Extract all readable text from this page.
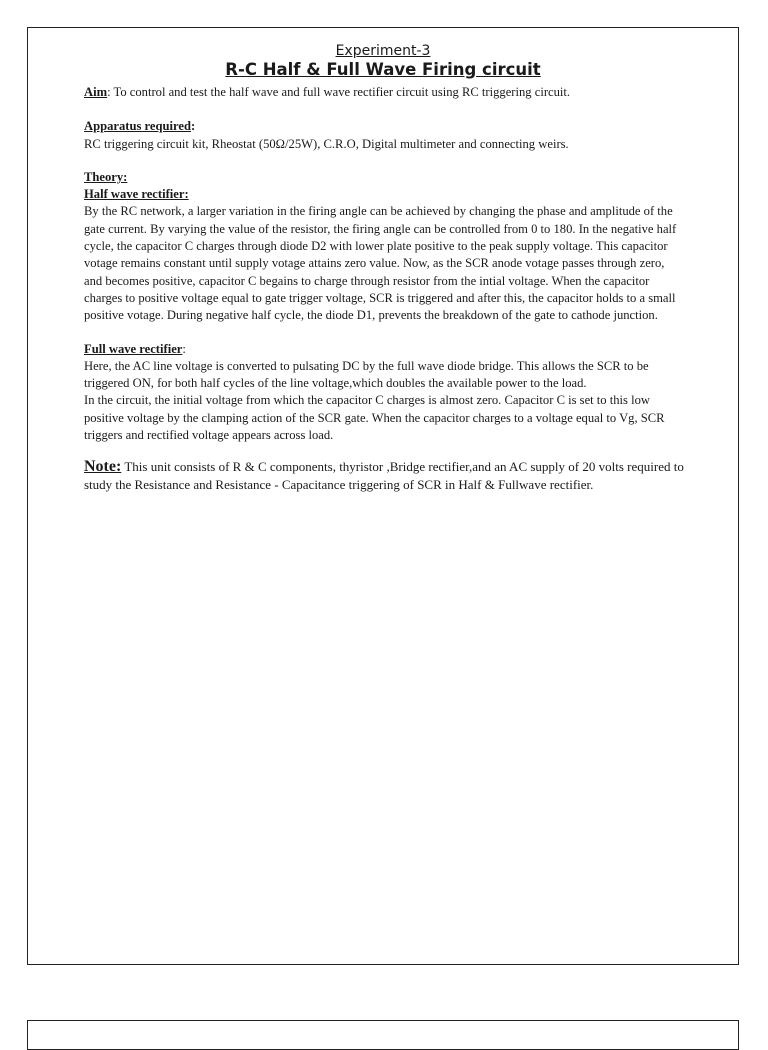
Experiment-3
R-C Half & Full Wave Firing circuit

Aim: To control and test the half wave and full wave rectifier circuit using RC triggering circuit.

Apparatus required:

RC triggering circuit kit, Rheostat (50Ω/25W), C.R.O, Digital multimeter and connecting weirs.

Theory:

Half wave rectifier:

By the RC network, a larger variation in the firing angle can be achieved by changing the phase and amplitude of the gate current. By varying the value of the resistor, the firing angle can be controlled from 0 to 180. In the negative half cycle, the capacitor C charges through diode D2 with lower plate positive to the peak supply voltage. This capacitor votage remains constant until supply votage attains zero value. Now, as the SCR anode votage passes through zero, and becomes positive, capacitor C begains to charge through resistor from the intial voltage. When the capacitor charges to positive voltage equal to gate trigger voltage, SCR is triggered and after this, the capacitor holds to a small positive votage. During negative half cycle, the diode D1, prevents the breakdown of the gate to cathode junction.

Full wave rectifier:

Here, the AC line voltage is converted to pulsating DC by the full wave diode bridge. This allows the SCR to be triggered ON, for both half cycles of the line voltage,which doubles the available power to the load.

In the circuit, the initial voltage from which the capacitor C charges is almost zero. Capacitor C is set to this low positive voltage by the clamping action of the SCR gate. When the capacitor charges to a voltage equal to Vg, SCR triggers and rectified voltage appears across load.

Note: This unit consists of R & C components, thyristor ,Bridge rectifier,and an AC supply of 20 volts required to study the Resistance and Resistance - Capacitance triggering of SCR in Half & Fullwave rectifier.
